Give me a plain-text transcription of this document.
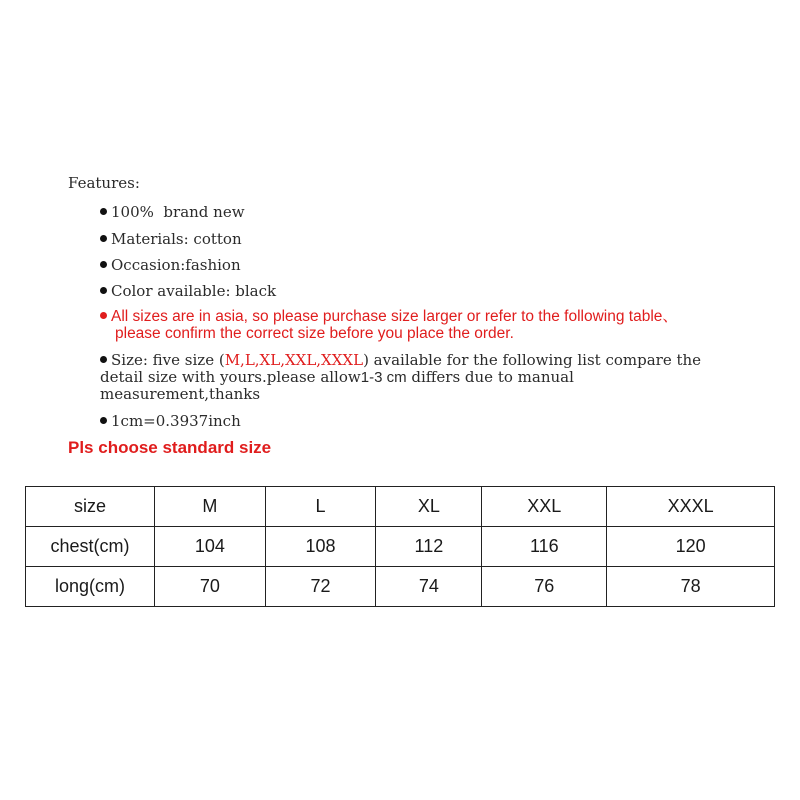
Features:
100%  brand new
Materials: cotton
Occasion:fashion
Color available: black
All sizes are in asia, so please purchase size larger or refer to the following table、
please confirm the correct size before you place the order.
Size: five size (M,L,XL,XXL,XXXL) available for the following list compare the
detail size with yours.please allow1-3 cm differs due to manual
measurement,thanks
1cm=0.3937inch
Pls choose standard size
size	M	L	XL	XXL	XXXL
chest(cm)	104	108	112	116	120
long(cm)	70	72	74	76	78
